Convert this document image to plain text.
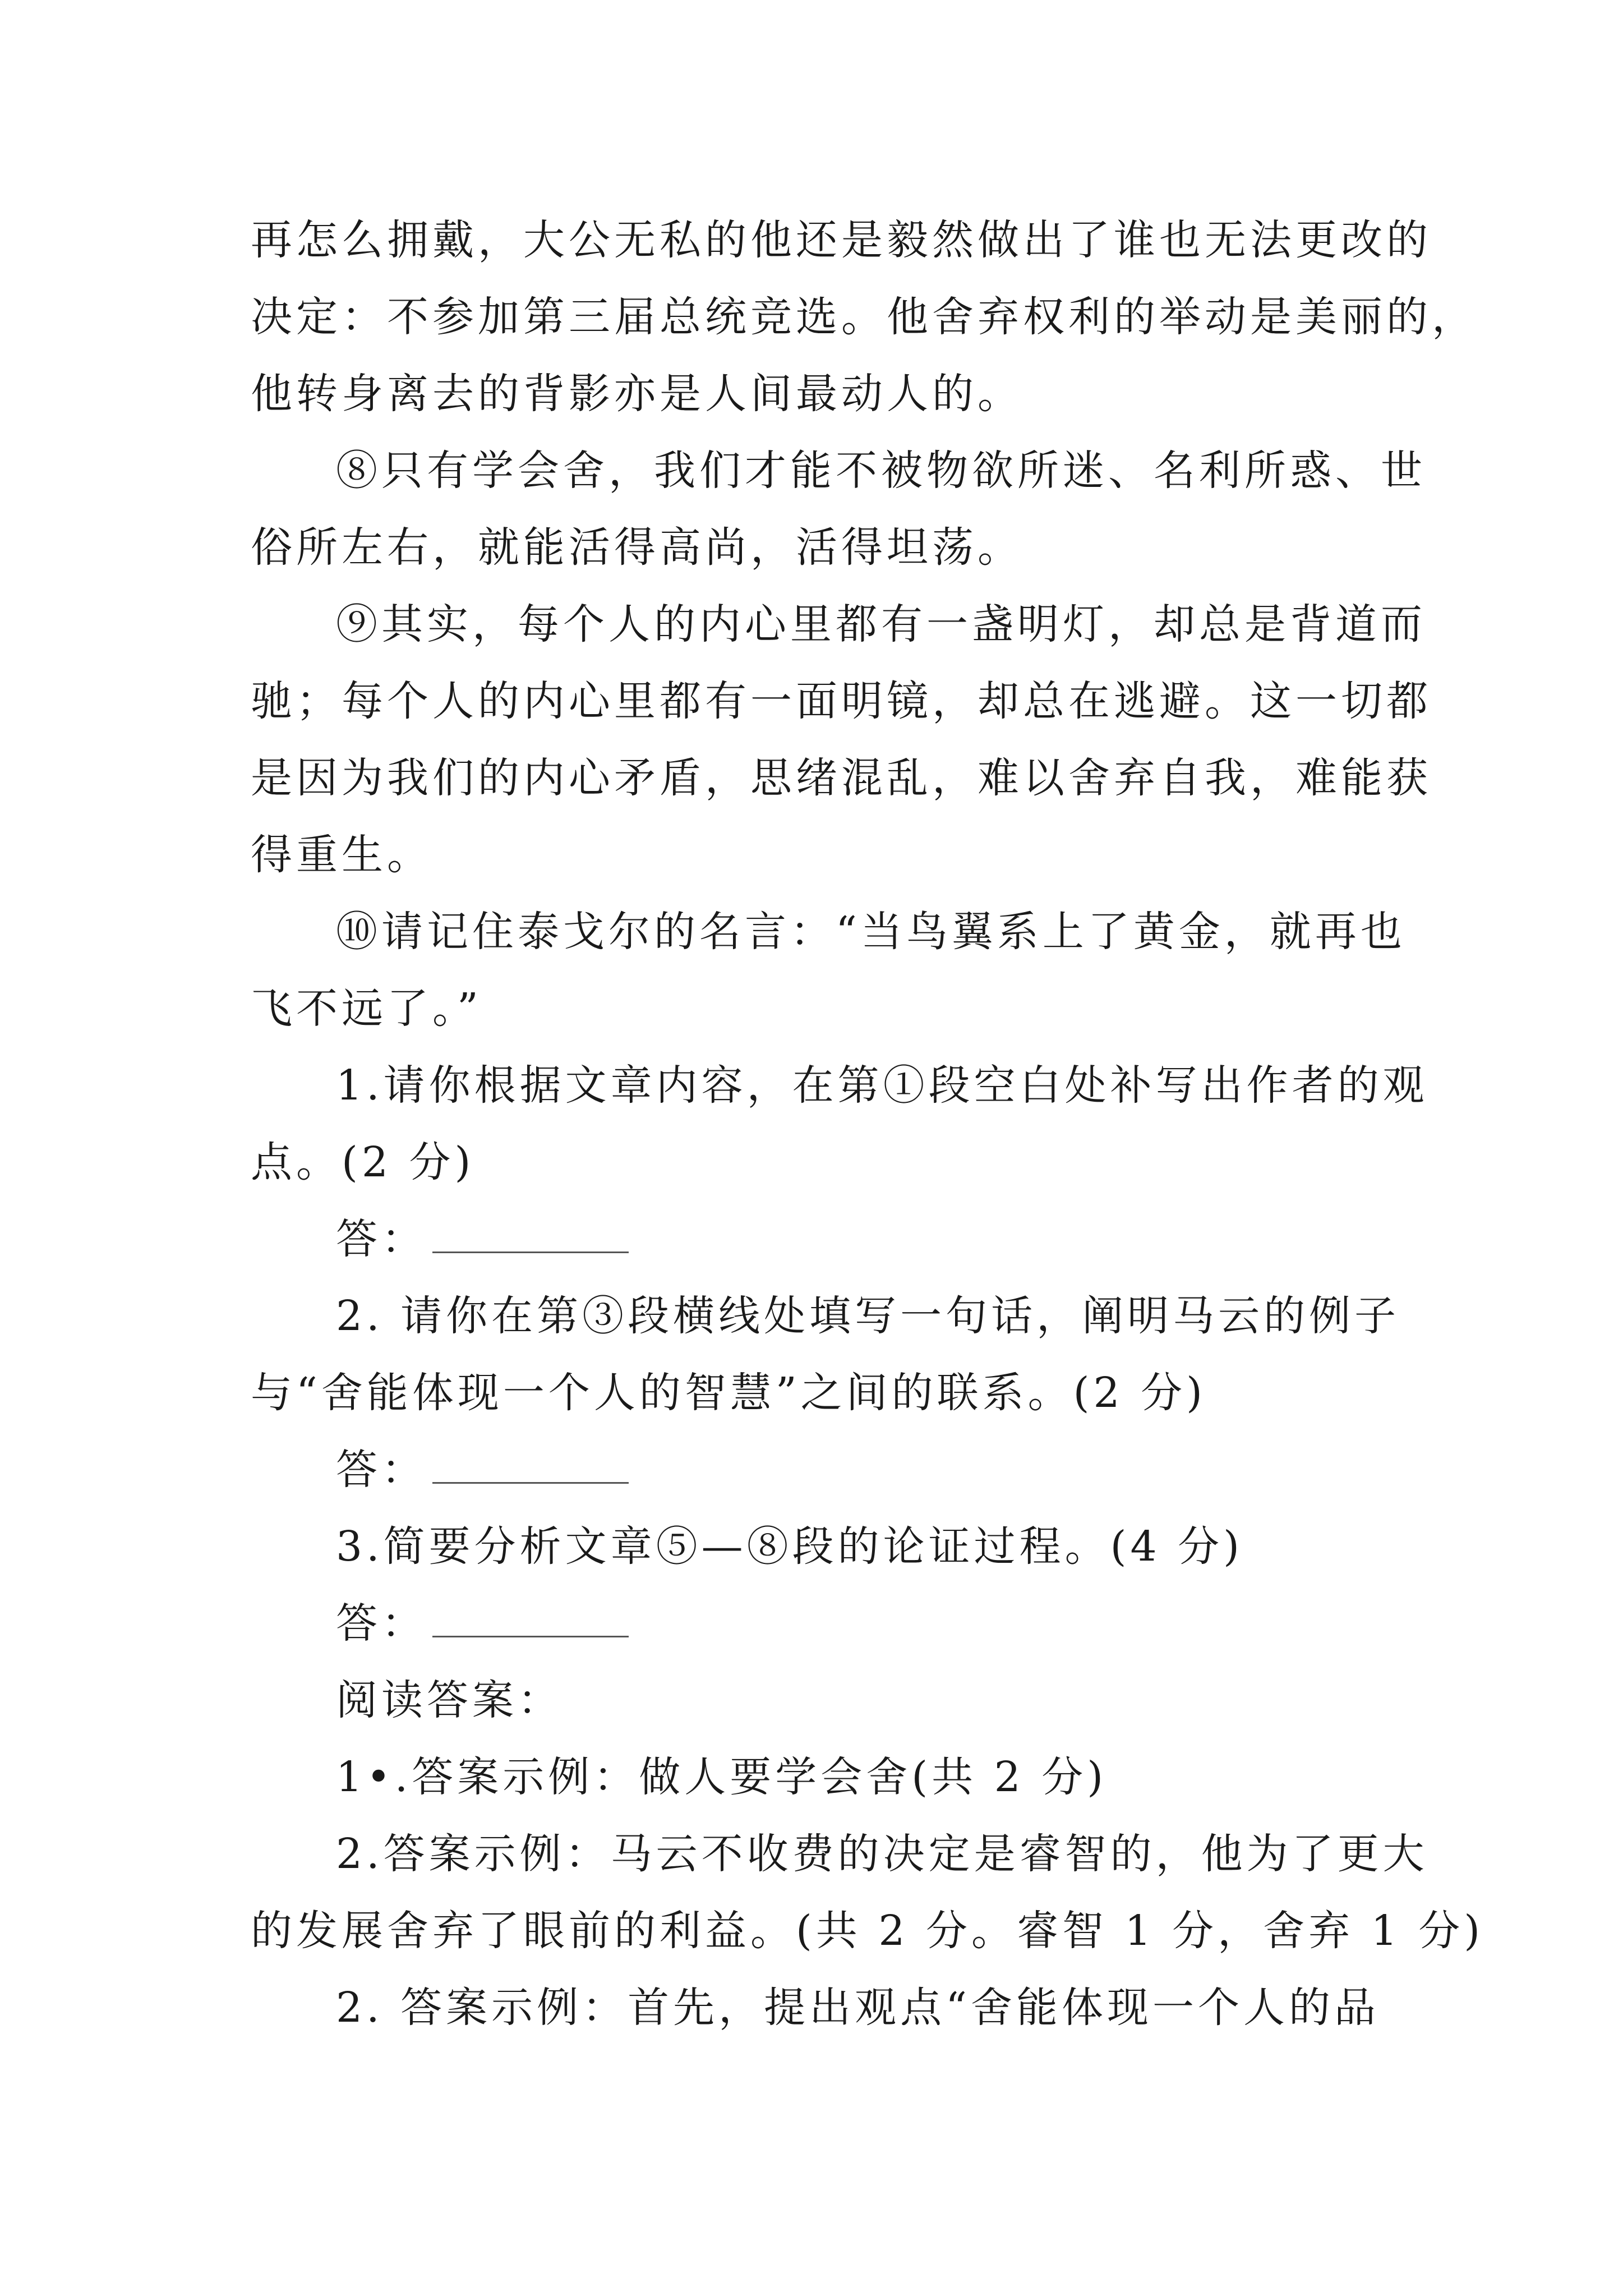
再怎么拥戴，大公无私的他还是毅然做出了谁也无法更改的
决定：不参加第三届总统竞选。他舍弃权利的举动是美丽的，
他转身离去的背影亦是人间最动人的。
⑧只有学会舍，我们才能不被物欲所迷、名利所惑、世
俗所左右，就能活得高尚，活得坦荡。
⑨其实，每个人的内心里都有一盏明灯，却总是背道而
驰；每个人的内心里都有一面明镜，却总在逃避。这一切都
是因为我们的内心矛盾，思绪混乱，难以舍弃自我，难能获
得重生。
⑩请记住泰戈尔的名言：“当鸟翼系上了黄金，就再也
飞不远了。”
1.请你根据文章内容，在第①段空白处补写出作者的观
点。(2 分)
答：
2. 请你在第③段横线处填写一句话，阐明马云的例子
与“舍能体现一个人的智慧”之间的联系。(2 分)
答：
3.简要分析文章⑤—⑧段的论证过程。(4 分)
答：
阅读答案：
1•.答案示例：做人要学会舍(共 2 分)
2.答案示例：马云不收费的决定是睿智的，他为了更大
的发展舍弃了眼前的利益。(共 2 分。睿智 1 分，舍弃 1 分)
2. 答案示例：首先，提出观点“舍能体现一个人的品
